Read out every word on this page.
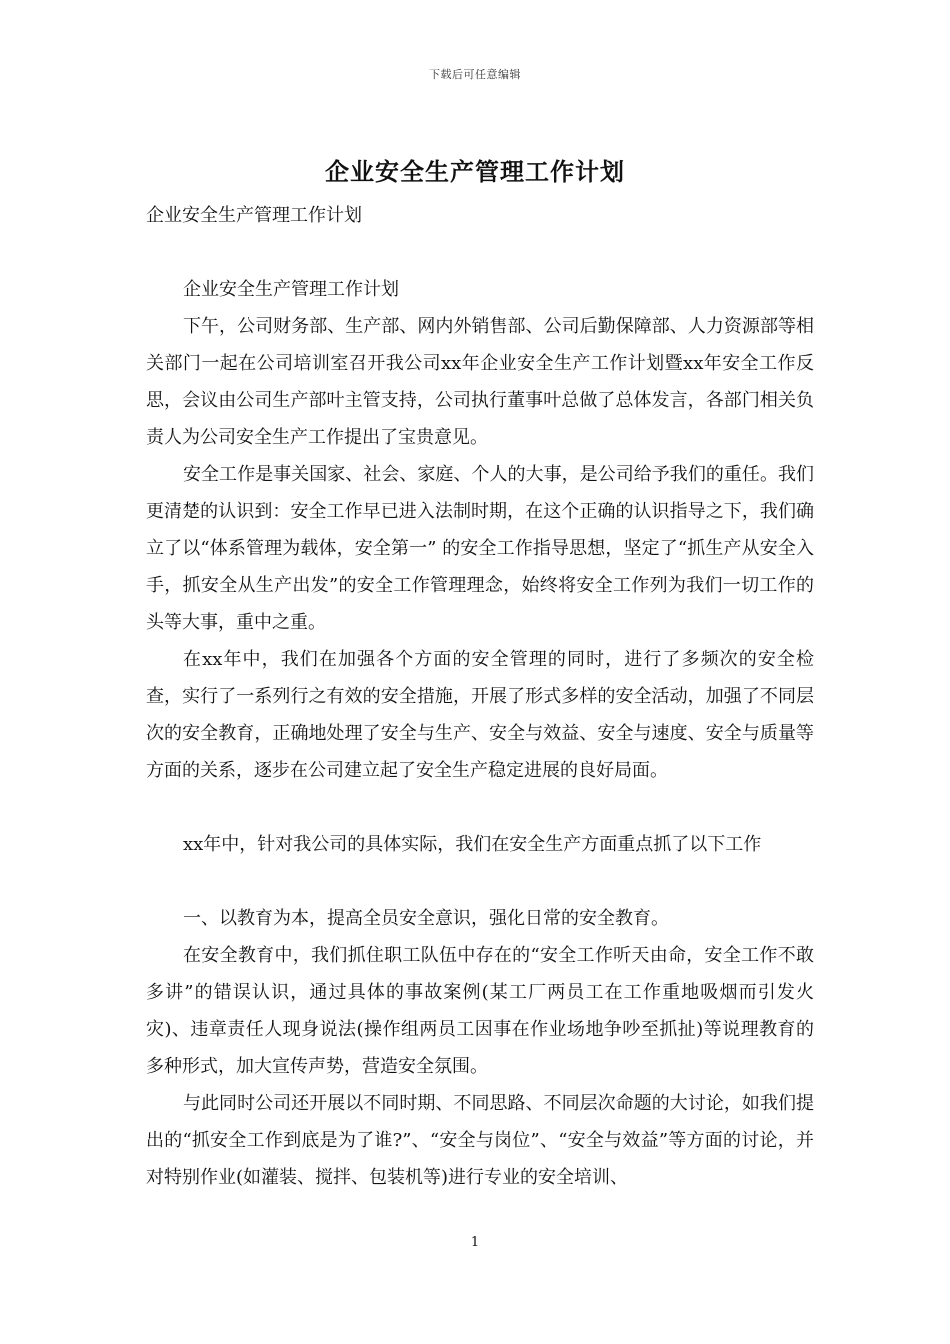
下载后可任意编辑
企业安全生产管理工作计划

企业安全生产管理工作计划

企业安全生产管理工作计划

下午，公司财务部、生产部、网内外销售部、公司后勤保障部、人力资源部等相关部门一起在公司培训室召开我公司xx年企业安全生产工作计划暨xx年安全工作反思，会议由公司生产部叶主管支持，公司执行董事叶总做了总体发言，各部门相关负责人为公司安全生产工作提出了宝贵意见。

安全工作是事关国家、社会、家庭、个人的大事，是公司给予我们的重任。我们更清楚的认识到：安全工作早已进入法制时期，在这个正确的认识指导之下，我们确立了以“体系管理为载体，安全第一” 的安全工作指导思想，坚定了“抓生产从安全入手，抓安全从生产出发”的安全工作管理理念，始终将安全工作列为我们一切工作的头等大事，重中之重。

在xx年中，我们在加强各个方面的安全管理的同时，进行了多频次的安全检查，实行了一系列行之有效的安全措施，开展了形式多样的安全活动，加强了不同层次的安全教育，正确地处理了安全与生产、安全与效益、安全与速度、安全与质量等方面的关系，逐步在公司建立起了安全生产稳定进展的良好局面。

xx年中，针对我公司的具体实际，我们在安全生产方面重点抓了以下工作

一、以教育为本，提高全员安全意识，强化日常的安全教育。

在安全教育中，我们抓住职工队伍中存在的“安全工作听天由命，安全工作不敢多讲”的错误认识，通过具体的事故案例(某工厂两员工在工作重地吸烟而引发火灾)、违章责任人现身说法(操作组两员工因事在作业场地争吵至抓扯)等说理教育的多种形式，加大宣传声势，营造安全氛围。

与此同时公司还开展以不同时期、不同思路、不同层次命题的大讨论，如我们提出的“抓安全工作到底是为了谁?”、“安全与岗位”、“安全与效益”等方面的讨论，并对特别作业(如灌装、搅拌、包装机等)进行专业的安全培训、

1
